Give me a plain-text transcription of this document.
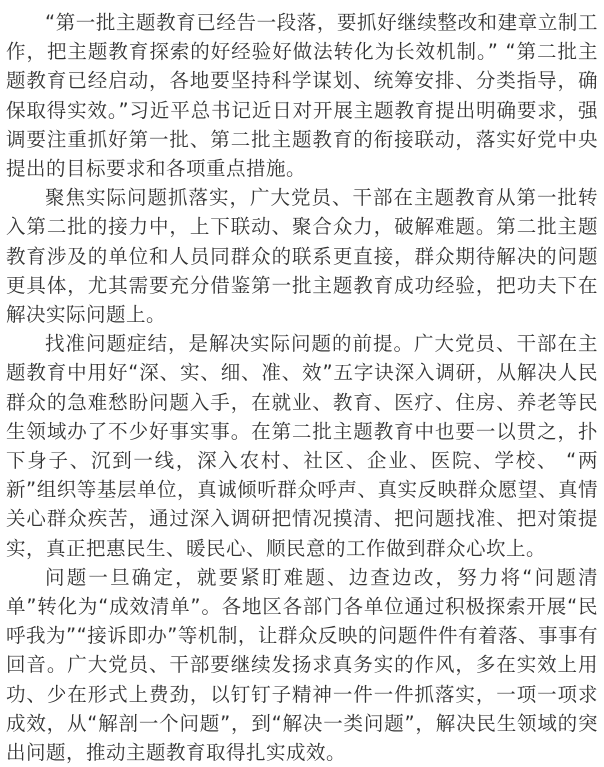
“第一批主题教育已经告一段落，要抓好继续整改和建章立制工作，把主题教育探索的好经验好做法转化为长效机制。” “第二批主题教育已经启动，各地要坚持科学谋划、统筹安排、分类指导，确保取得实效。”习近平总书记近日对开展主题教育提出明确要求，强调要注重抓好第一批、第二批主题教育的衔接联动，落实好党中央提出的目标要求和各项重点措施。

聚焦实际问题抓落实，广大党员、干部在主题教育从第一批转入第二批的接力中，上下联动、聚合众力，破解难题。第二批主题教育涉及的单位和人员同群众的联系更直接，群众期待解决的问题更具体，尤其需要充分借鉴第一批主题教育成功经验，把功夫下在解决实际问题上。

找准问题症结，是解决实际问题的前提。广大党员、干部在主题教育中用好“深、实、细、准、效”五字诀深入调研，从解决人民群众的急难愁盼问题入手，在就业、教育、医疗、住房、养老等民生领域办了不少好事实事。在第二批主题教育中也要一以贯之，扑下身子、沉到一线，深入农村、社区、企业、医院、学校、 “两新”组织等基层单位，真诚倾听群众呼声、真实反映群众愿望、真情关心群众疾苦，通过深入调研把情况摸清、把问题找准、把对策提实，真正把惠民生、暖民心、顺民意的工作做到群众心坎上。

问题一旦确定，就要紧盯难题、边查边改，努力将“问题清单”转化为“成效清单”。各地区各部门各单位通过积极探索开展“民呼我为”“接诉即办”等机制，让群众反映的问题件件有着落、事事有回音。广大党员、干部要继续发扬求真务实的作风，多在实效上用功、少在形式上费劲，以钉钉子精神一件一件抓落实，一项一项求成效，从“解剖一个问题”，到“解决一类问题”，解决民生领域的突出问题，推动主题教育取得扎实成效。
